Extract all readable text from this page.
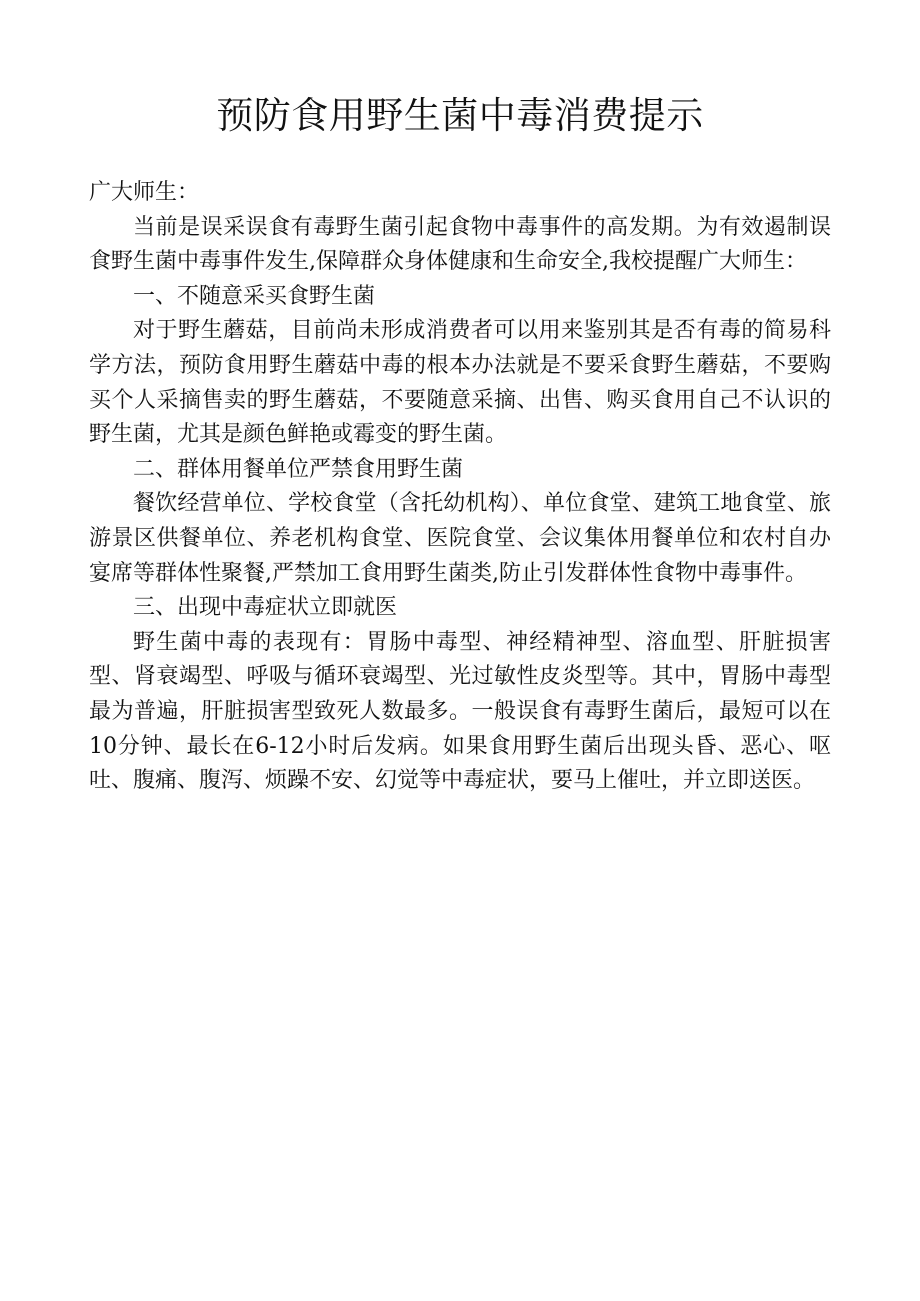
预防食用野生菌中毒消费提示

广大师生：

当前是误采误食有毒野生菌引起食物中毒事件的高发期。为有效遏制误食野生菌中毒事件发生,保障群众身体健康和生命安全,我校提醒广大师生：

一、不随意采买食野生菌

对于野生蘑菇，目前尚未形成消费者可以用来鉴别其是否有毒的简易科学方法，预防食用野生蘑菇中毒的根本办法就是不要采食野生蘑菇，不要购买个人采摘售卖的野生蘑菇，不要随意采摘、出售、购买食用自己不认识的野生菌，尤其是颜色鲜艳或霉变的野生菌。

二、群体用餐单位严禁食用野生菌

餐饮经营单位、学校食堂（含托幼机构）、单位食堂、建筑工地食堂、旅游景区供餐单位、养老机构食堂、医院食堂、会议集体用餐单位和农村自办宴席等群体性聚餐,严禁加工食用野生菌类,防止引发群体性食物中毒事件。

三、出现中毒症状立即就医

野生菌中毒的表现有：胃肠中毒型、神经精神型、溶血型、肝脏损害型、肾衰竭型、呼吸与循环衰竭型、光过敏性皮炎型等。其中，胃肠中毒型最为普遍，肝脏损害型致死人数最多。一般误食有毒野生菌后，最短可以在10分钟、最长在6-12小时后发病。如果食用野生菌后出现头昏、恶心、呕吐、腹痛、腹泻、烦躁不安、幻觉等中毒症状，要马上催吐，并立即送医。
